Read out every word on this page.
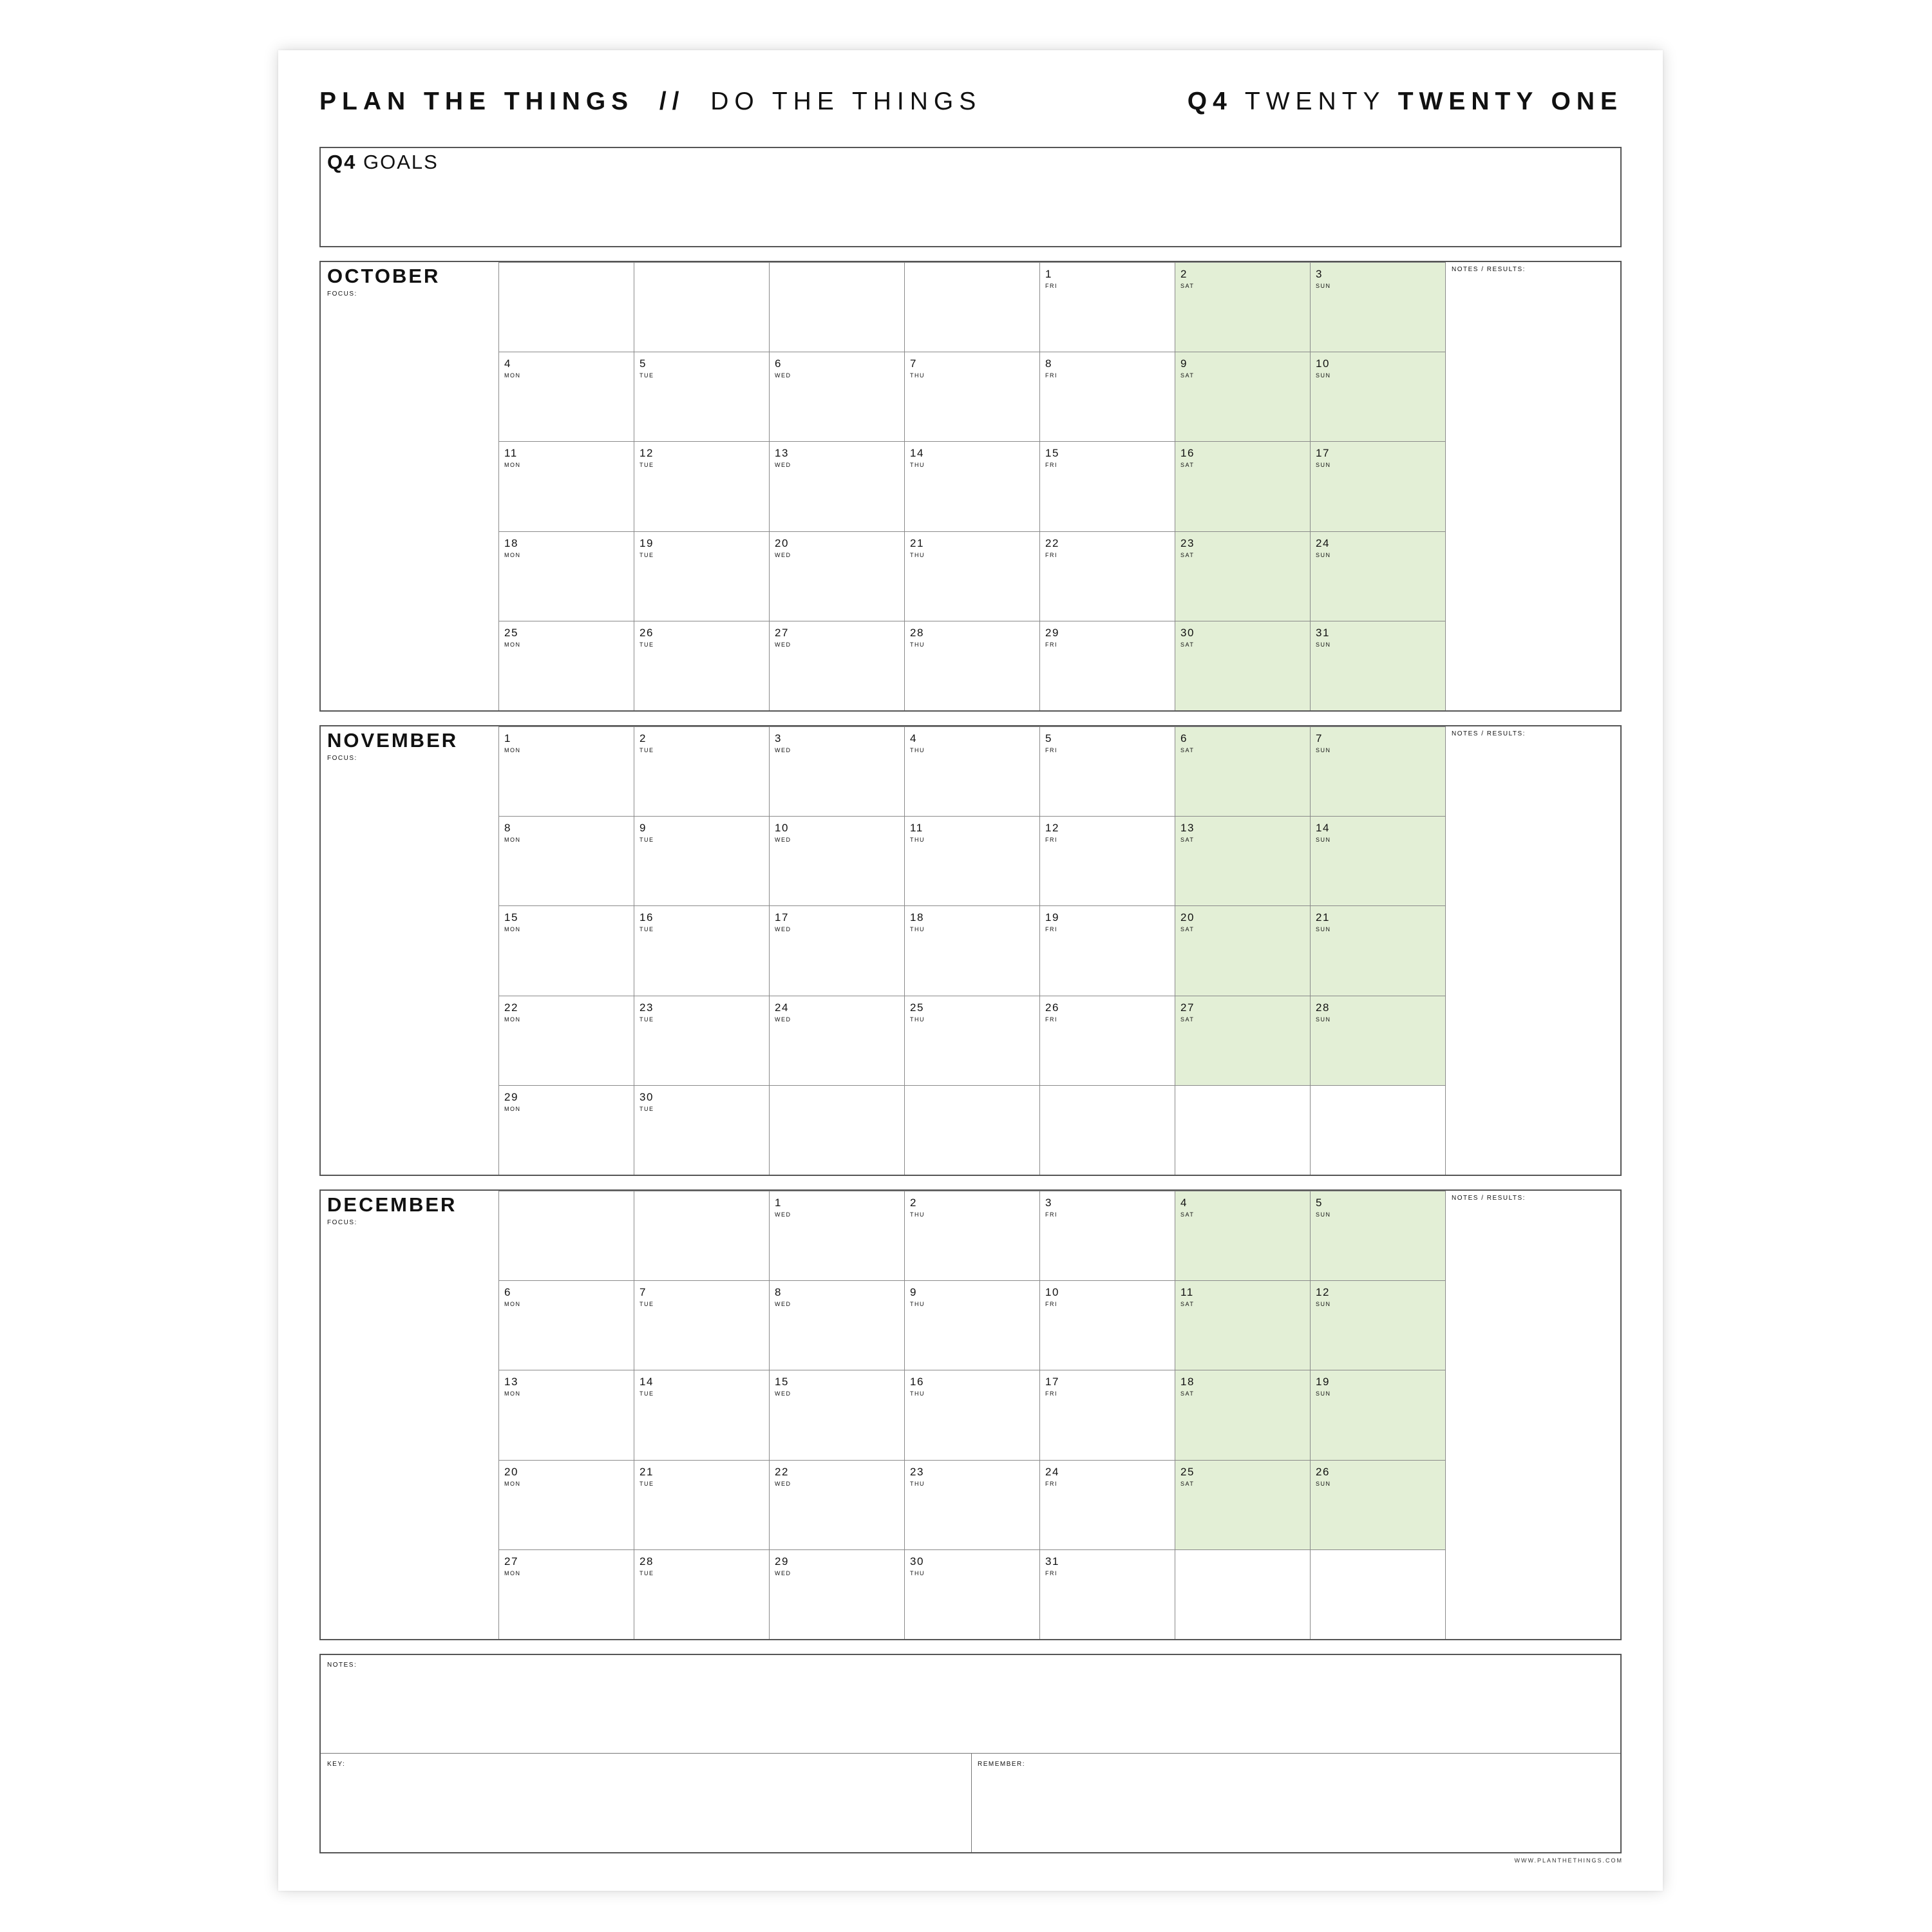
PLAN THE THINGS // DO THE THINGS	Q4 TWENTY TWENTY ONE
Q4 GOALS
OCTOBER
FOCUS:
1
FRI
2
SAT
3
SUN
4
MON
5
TUE
6
WED
7
THU
8
FRI
9
SAT
10
SUN
11
MON
12
TUE
13
WED
14
THU
15
FRI
16
SAT
17
SUN
18
MON
19
TUE
20
WED
21
THU
22
FRI
23
SAT
24
SUN
25
MON
26
TUE
27
WED
28
THU
29
FRI
30
SAT
31
SUN
NOTES / RESULTS:
NOVEMBER
FOCUS:
1
MON
2
TUE
3
WED
4
THU
5
FRI
6
SAT
7
SUN
8
MON
9
TUE
10
WED
11
THU
12
FRI
13
SAT
14
SUN
15
MON
16
TUE
17
WED
18
THU
19
FRI
20
SAT
21
SUN
22
MON
23
TUE
24
WED
25
THU
26
FRI
27
SAT
28
SUN
29
MON
30
TUE
NOTES / RESULTS:
DECEMBER
FOCUS:
1
WED
2
THU
3
FRI
4
SAT
5
SUN
6
MON
7
TUE
8
WED
9
THU
10
FRI
11
SAT
12
SUN
13
MON
14
TUE
15
WED
16
THU
17
FRI
18
SAT
19
SUN
20
MON
21
TUE
22
WED
23
THU
24
FRI
25
SAT
26
SUN
27
MON
28
TUE
29
WED
30
THU
31
FRI
NOTES / RESULTS:
NOTES:
KEY:	REMEMBER:
WWW.PLANTHETHINGS.COM
